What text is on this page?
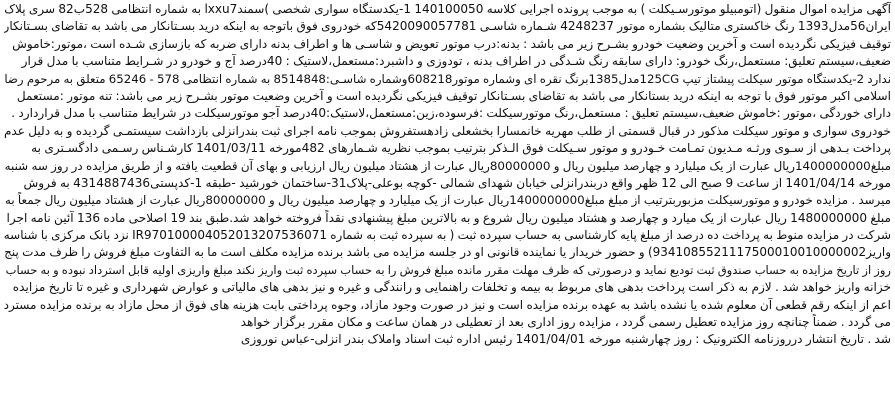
آگهی مزایده اموال منقول (اتومبیلو موتورسـیکلت ) به موجب پرونده اجرایی کلاسه 140100050 1-یکدستگاه سواری شخصی )سمندlxxu7 به شماره انتظامی 528ب82 سری پلاک
ایران56مدل1393 رنگ خاکستری متالیک بشماره موتور 4248237 شـماره شاسـی 5420090057781که خودروی فوق باتوجه به اینکه درید بسـتانکار می باشد به تقاضای بسـتانکار
توقیف فیزیکی نگردیده است و آخرین وضعیت خودرو بشـرح زیر می باشد : بدنه:درب موتور تعویض و شاسـی ها و اطراف بدنه دارای ضربه که بازسازی شـده است ،موتور:خاموش
ضعیف،سیستم تعلیق: مستعمل،رنگ خودرو: دارای سابقه رنگ شـدگی در اطراف بدنه ، تودوزی و داشبرد:مستعمل،لاستیک : 40درصد آج و خودرو در شـرایط متناسب با مدل قرار
ندارد 2-یکدستگاه موتور سیکلت پیشتاز تیپ 125CGمدل1385برنگ نقره ای وشماره موتور608218وشماره شاسـی:8514848 به شماره انتظامی 578 - 65246 متعلق به مرحوم رضا
اسلامی اکبر موتور فوق با توجه به اینکه درید بستانکار می باشد به تقاضای بسـتانکار توقیف فیزیکی نگردیده است و آخرین وضعیت موتور بشـرح زیر می باشد: تنه موتور :مستعمل
دارای خوردگی ،موتور :خاموش ضعیف،سیستم تعلیق : مستعمل،رنگ موتورسیکلت :فرسوده،زین:مستعمل،لاستیک:40درصد آجو موتورسیکلت در شرایط متناسب با مدل قراردارد .
خودروی سواری و موتور سیکلت مذکور در قبال قسمتی از طلب مهریه خانمسارا بخشعلی زادهستفروش بموجب نامه اجرای ثبت بندرانزلی بازداشت سیستمـی گردیده و به دلیل عدم
پرداخت بـدهی از سـوی ورثـه مـدیون تمـامت خـودرو و موتور سـیکلت فوق الـذکر بترتیب بموجب نظریه شـمارهای 482مورخه 1401/03/11 کارشـناس رسـمی دادگسـتری به
مبلغ1400000000ریال عبارت از یک میلیارد و چهارصد میلیون ریال و 80000000ریال عبارت از هشتاد میلیون ریال ارزیابی و بهای آن قطعیت یافته و از طریق مزایده در روز سه شنبه
مورخه 1401/04/14 از ساعت 9 صبح الی 12 ظهر واقع دربندرانزلی خیابان شهدای شمالی -کوچه بوعلی-پلاک31-ساختمان خورشید -طبقه 1-کدپستی4314887436 به فروش
میرسد . مزایده خودرو و موتورسیکلت مزبوربترتیب از مبلغ مبلغ1400000000ریال عبارت از یک میلیارد و چهارصد میلیون ریال و 80000000ریال عبارت از هشتاد میلیون ریال جمعاً به
مبلغ 1480000000 ریال عبارت از یک میارد و چهارصد و هشتاد میلیون ریال شروع و به بالاترین مبلغ پیشنهادی نقداً فروخته خواهد شد.طبق بند 19 اصلاحی ماده 136 آئین نامه اجرا
شرکت در مزایده منوط به پرداخت ده درصد از مبلغ پایه کارشناسی به حساب سپرده ثبت ( به سپرده ثبت به شماره IR970100004052013207536071 نزد بانک مرکزی با شناسه
واریز9341085521117500010010000002) و حضور خریدار یا نماینده قانونی او در جلسه مزایده می باشد برنده مزایده مکلف است ما به التفاوت مبلغ فروش را ظرف مدت پنج
روز از تاریخ مزایده به حساب صندوق ثبت تودیع نماید و درصورتی که ظرف مهلت مقرر مانده مبلغ فروش را به حساب سپرده ثبت واریز نکند مبلغ واریزی اولیه قابل استرداد نبوده و به حساب
خزانه واریز خواهد شد . لازم به ذکر است پرداخت بدهی های مربوط به بیمه و تخلفات راهنمایی و رانندگی و غیره و نیز بدهی های مالیاتی و عوارض شهرداری و غیره تا تاریخ مزایده
اعم از اینکه رقم قطعی آن معلوم شده یا نشده باشد به عهده برنده مزایده است و نیز در صورت وجود مازاد، وجوه پرداختی بابت هزینه های فوق از محل مازاد به برنده مزایده مسترد
می گردد . ضمناً چنانچه روز مزایده تعطیل رسمی گردد ، مزایده روز اداری بعد از تعطیلی در همان ساعت و مکان مقرر برگزار خواهد
شد . تاریخ انتشار درروزنامه الکترونیک : روز چهارشنبه مورخه 1401/04/01 رئیس اداره ثبت اسناد واملاک بندر انزلی-عباس نوروزی
